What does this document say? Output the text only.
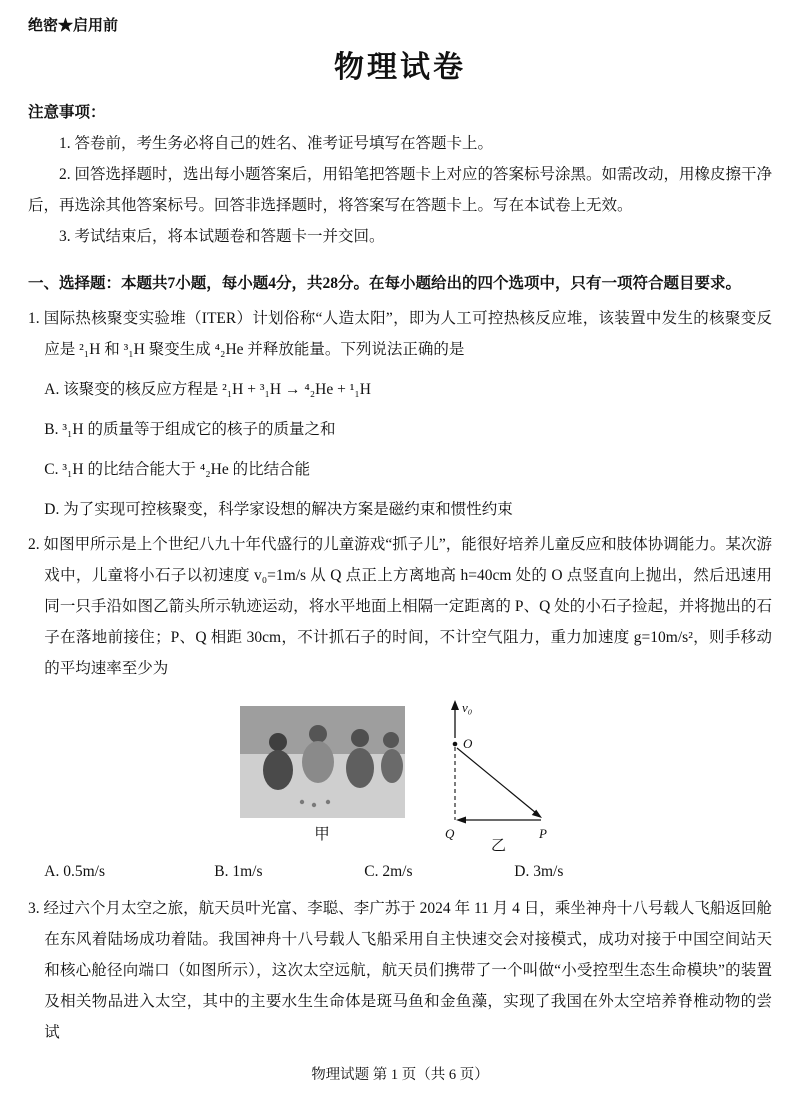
绝密★启用前
物理试卷
注意事项：

1. 答卷前，考生务必将自己的姓名、准考证号填写在答题卡上。

2. 回答选择题时，选出每小题答案后，用铅笔把答题卡上对应的答案标号涂黑。如需改动，用橡皮擦干净后，再选涂其他答案标号。回答非选择题时，将答案写在答题卡上。写在本试卷上无效。

3. 考试结束后，将本试题卷和答题卡一并交回。

一、选择题：本题共7小题，每小题4分，共28分。在每小题给出的四个选项中，只有一项符合题目要求。

1. 国际热核聚变实验堆（ITER）计划俗称“人造太阳”，即为人工可控热核反应堆，该装置中发生的核聚变反应是 ²₁H 和 ³₁H 聚变生成 ⁴₂He 并释放能量。下列说法正确的是

A. 该聚变的核反应方程是 ²₁H + ³₁H → ⁴₂He + ¹₁H

B. ³₁H 的质量等于组成它的核子的质量之和

C. ³₁H 的比结合能大于 ⁴₂He 的比结合能

D. 为了实现可控核聚变，科学家设想的解决方案是磁约束和惯性约束

2. 如图甲所示是上个世纪八九十年代盛行的儿童游戏“抓子儿”，能很好培养儿童反应和肢体协调能力。某次游戏中，儿童将小石子以初速度 v₀=1m/s 从 Q 点正上方离地高 h=40cm 处的 O 点竖直向上抛出，然后迅速用同一只手沿如图乙箭头所示轨迹运动，将水平地面上相隔一定距离的 P、Q 处的小石子捡起，并将抛出的石子在落地前接住；P、Q 相距 30cm，不计抓石子的时间，不计空气阻力，重力加速度 g=10m/s²，则手移动的平均速率至少为

甲
v₀
O
Q	P
乙
A. 0.5m/s	B. 1m/s	C. 2m/s	D. 3m/s

3. 经过六个月太空之旅，航天员叶光富、李聪、李广苏于 2024 年 11 月 4 日，乘坐神舟十八号载人飞船返回舱在东风着陆场成功着陆。我国神舟十八号载人飞船采用自主快速交会对接模式，成功对接于中国空间站天和核心舱径向端口（如图所示），这次太空远航，航天员们携带了一个叫做“小受控型生态生命模块”的装置及相关物品进入太空，其中的主要水生生命体是斑马鱼和金鱼藻，实现了我国在外太空培养脊椎动物的尝试

物理试题 第 1 页（共 6 页）
